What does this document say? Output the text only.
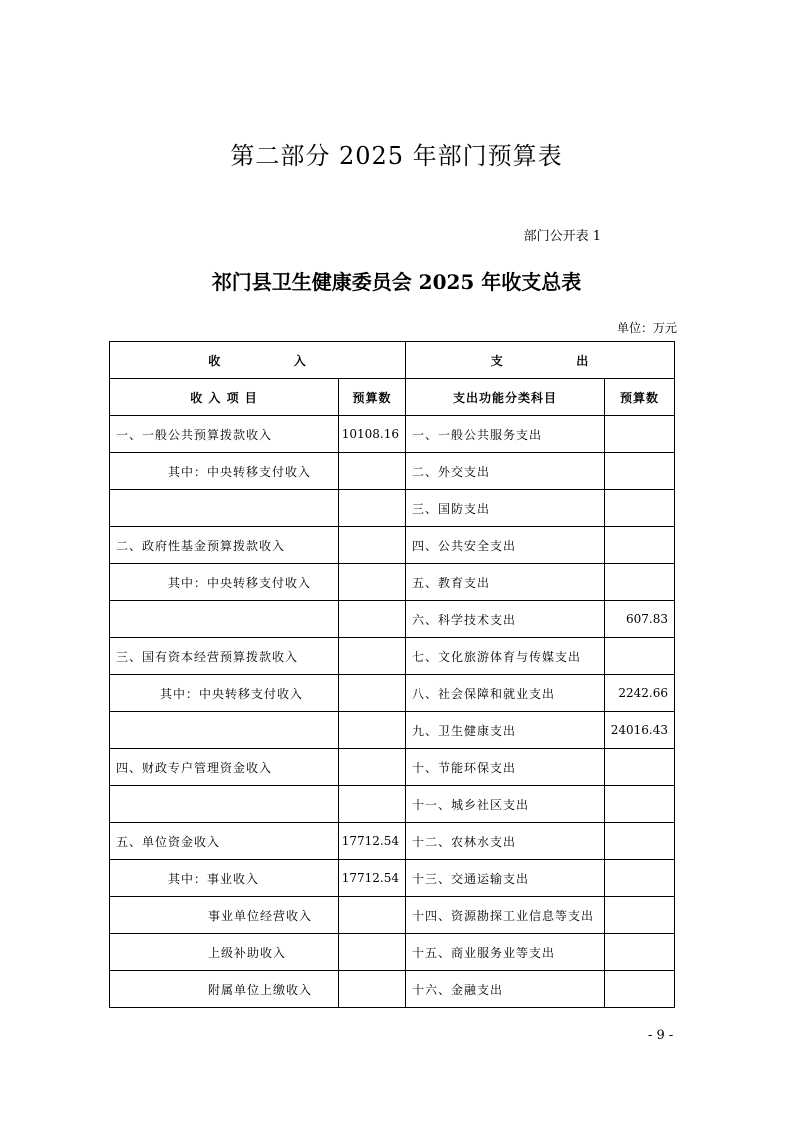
第二部分 2025 年部门预算表
部门公开表 1
祁门县卫生健康委员会 2025 年收支总表
单位：万元
收              入		支              出	
收 入 项 目	预算数	支出功能分类科目	预算数
一、一般公共预算拨款收入	10108.16	一、一般公共服务支出	
其中：中央转移支付收入		二、外交支出	
		三、国防支出	
二、政府性基金预算拨款收入		四、公共安全支出	
其中：中央转移支付收入		五、教育支出	
		六、科学技术支出	607.83
三、国有资本经营预算拨款收入		七、文化旅游体育与传媒支出	
其中：中央转移支付收入		八、社会保障和就业支出	2242.66
		九、卫生健康支出	24016.43
四、财政专户管理资金收入		十、节能环保支出	
		十一、城乡社区支出	
五、单位资金收入	17712.54	十二、农林水支出	
其中：事业收入	17712.54	十三、交通运输支出	
事业单位经营收入		十四、资源勘探工业信息等支出	
上级补助收入		十五、商业服务业等支出	
附属单位上缴收入		十六、金融支出	
- 9 -
